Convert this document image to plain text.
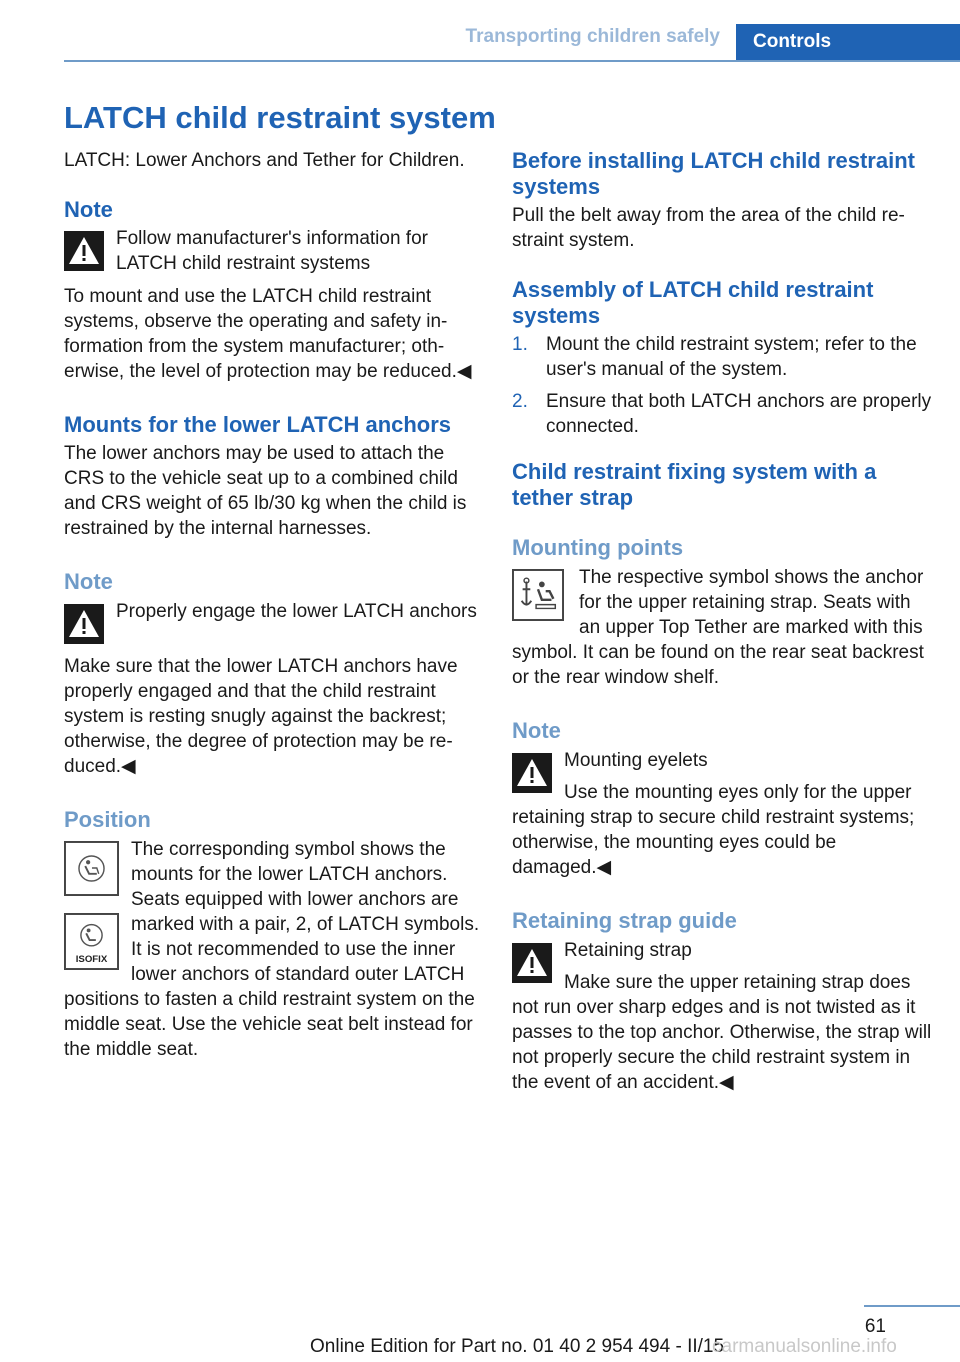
Transporting children safely	Controls
LATCH child restraint system

LATCH: Lower Anchors and Tether for Children.

Note

Follow manufacturer's information for LATCH child restraint systems

To mount and use the LATCH child restraint systems, observe the operating and safety information from the system manufacturer; otherwise, the level of protection may be reduced.◀

Mounts for the lower LATCH anchors

The lower anchors may be used to attach the CRS to the vehicle seat up to a combined child and CRS weight of 65 lb/30 kg when the child is restrained by the internal harnesses.

Note

Properly engage the lower LATCH anchors

Make sure that the lower LATCH anchors have properly engaged and that the child restraint system is resting snugly against the backrest; otherwise, the degree of protection may be reduced.◀

Position

ISOFIX

The corresponding symbol shows the mounts for the lower LATCH anchors. Seats equipped with lower anchors are marked with a pair, 2, of LATCH symbols. It is not recommended to use the inner lower anchors of standard outer LATCH positions to fasten a child restraint system on the middle seat. Use the vehicle seat belt instead for the middle seat.

Before installing LATCH child restraint systems

Pull the belt away from the area of the child restraint system.

Assembly of LATCH child restraint systems
1. Mount the child restraint system; refer to the user's manual of the system.
2. Ensure that both LATCH anchors are properly connected.
Child restraint fixing system with a tether strap
Mounting points

The respective symbol shows the anchor for the upper retaining strap. Seats with an upper Top Tether are marked with this symbol. It can be found on the rear seat backrest or the rear window shelf.

Note

Mounting eyelets

Use the mounting eyes only for the upper retaining strap to secure child restraint systems; otherwise, the mounting eyes could be damaged.◀

Retaining strap guide

Retaining strap

Make sure the upper retaining strap does not run over sharp edges and is not twisted as it passes to the top anchor. Otherwise, the strap will not properly secure the child restraint system in the event of an accident.◀

61
Online Edition for Part no. 01 40 2 954 494 - II/15
carmanualsonline.info
